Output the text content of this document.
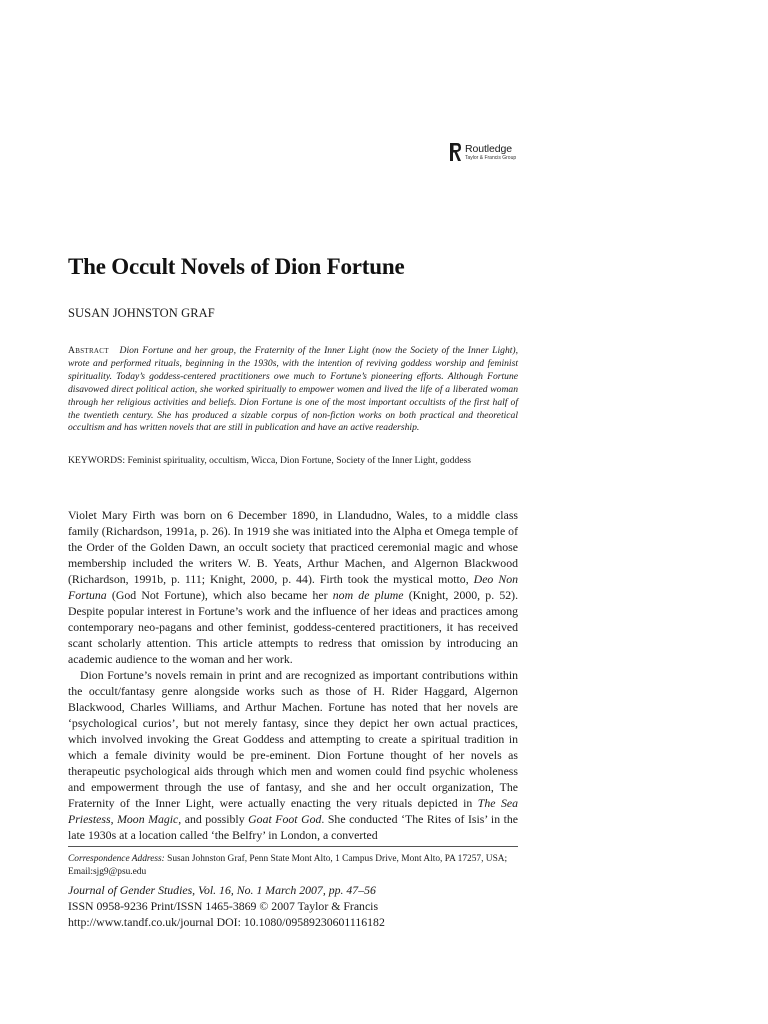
Routledge
Taylor & Francis Group
The Occult Novels of Dion Fortune

SUSAN JOHNSTON GRAF

Abstract Dion Fortune and her group, the Fraternity of the Inner Light (now the Society of the Inner Light), wrote and performed rituals, beginning in the 1930s, with the intention of reviving goddess worship and feminist spirituality. Today’s goddess-centered practitioners owe much to Fortune’s pioneering efforts. Although Fortune disavowed direct political action, she worked spiritually to empower women and lived the life of a liberated woman through her religious activities and beliefs. Dion Fortune is one of the most important occultists of the first half of the twentieth century. She has produced a sizable corpus of non-fiction works on both practical and theoretical occultism and has written novels that are still in publication and have an active readership.

KEYWORDS: Feminist spirituality, occultism, Wicca, Dion Fortune, Society of the Inner Light, goddess

Violet Mary Firth was born on 6 December 1890, in Llandudno, Wales, to a middle class family (Richardson, 1991a, p. 26). In 1919 she was initiated into the Alpha et Omega temple of the Order of the Golden Dawn, an occult society that practiced ceremonial magic and whose membership included the writers W. B. Yeats, Arthur Machen, and Algernon Blackwood (Richardson, 1991b, p. 111; Knight, 2000, p. 44). Firth took the mystical motto, Deo Non Fortuna (God Not Fortune), which also became her nom de plume (Knight, 2000, p. 52). Despite popular interest in Fortune’s work and the influence of her ideas and practices among contemporary neo-pagans and other feminist, goddess-centered practitioners, it has received scant scholarly attention. This article attempts to redress that omission by introducing an academic audience to the woman and her work.

Dion Fortune’s novels remain in print and are recognized as important contributions within the occult/fantasy genre alongside works such as those of H. Rider Haggard, Algernon Blackwood, Charles Williams, and Arthur Machen. Fortune has noted that her novels are ‘psychological curios’, but not merely fantasy, since they depict her own actual practices, which involved invoking the Great Goddess and attempting to create a spiritual tradition in which a female divinity would be pre-eminent. Dion Fortune thought of her novels as therapeutic psychological aids through which men and women could find psychic wholeness and empowerment through the use of fantasy, and she and her occult organization, The Fraternity of the Inner Light, were actually enacting the very rituals depicted in The Sea Priestess, Moon Magic, and possibly Goat Foot God. She conducted ‘The Rites of Isis’ in the late 1930s at a location called ‘the Belfry’ in London, a converted

Correspondence Address: Susan Johnston Graf, Penn State Mont Alto, 1 Campus Drive, Mont Alto, PA 17257, USA; Email:sjg9@psu.edu

Journal of Gender Studies, Vol. 16, No. 1 March 2007, pp. 47–56
ISSN 0958-9236 Print/ISSN 1465-3869 © 2007 Taylor & Francis
http://www.tandf.co.uk/journal DOI: 10.1080/09589230601116182
